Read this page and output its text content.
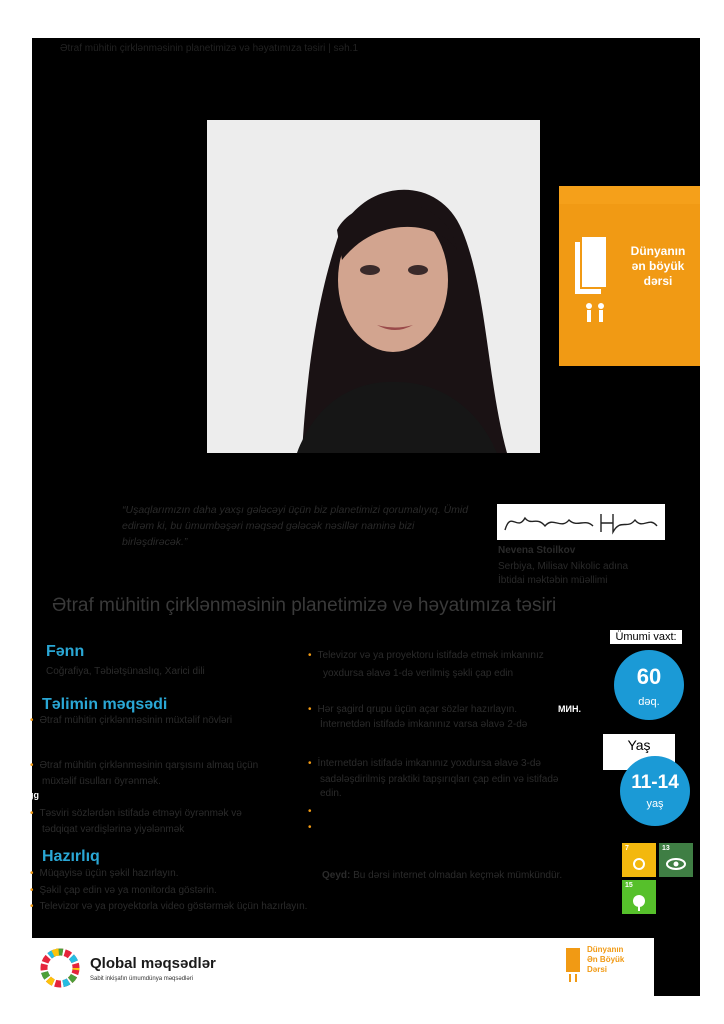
Ətraf mühitin çirklənməsinin planetimizə və həyatımıza təsiri | səh.1
Dünyanın
ən böyük
dərsi
“Uşaqlarımızın daha yaxşı gələcəyi üçün biz planetimizi qorumalıyıq. Ümid edirəm ki, bu ümumbəşəri məqsəd gələcək nəsillər naminə bizi birləşdirəcək.”
Nevena Stoilkov
Serbiya, Milisav Nikolic adına
İbtidai məktəbin müəllimi
Ətraf mühitin çirklənməsinin planetimizə və həyatımıza təsiri
Fənn
Coğrafiya, Təbiətşünaslıq, Xarici dili
Təlimin məqsədi
• Ətraf mühitin çirklənməsinin müxtəlif növləri
• Ətraf mühitin çirklənməsinin qarşısını almaq üçün
müxtəlif üsulları öyrənmək.
gg
• Təsviri sözlərdən istifadə etməyi öyrənmək və
tədqiqat vərdişlərinə yiyələnmək
• Televizor və ya proyektoru istifadə etmək imkanınız
yoxdursa əlavə 1-də verilmiş şəkli çap edin
• Hər şagird qrupu üçün açar sözlər hazırlayın.	МИН.
İnternetdən istifadə imkanınız varsa əlavə 2-də
• İnternetdən istifadə imkanınız yoxdursa əlavə 3-də
sadələşdirilmiş praktiki tapşırıqları çap edin və istifadə
edin.
•
•
Qeyd: Bu dərsi internet olmadan keçmək mümkündür.
Hazırlıq
• Müqayisə üçün şəkil hazırlayın.
• Şəkil çap edin və ya monitorda göstərin.
• Televizor və ya proyektorla video göstərmək üçün hazırlayın.
Ümumi vaxt:
60
dəq.
Yaş
11-14
yaş
7	13
15
Qlobal məqsədlər
Sabit inkişafın ümumdünya məqsədləri
Dünyanın
Ən Böyük
Dərsi
